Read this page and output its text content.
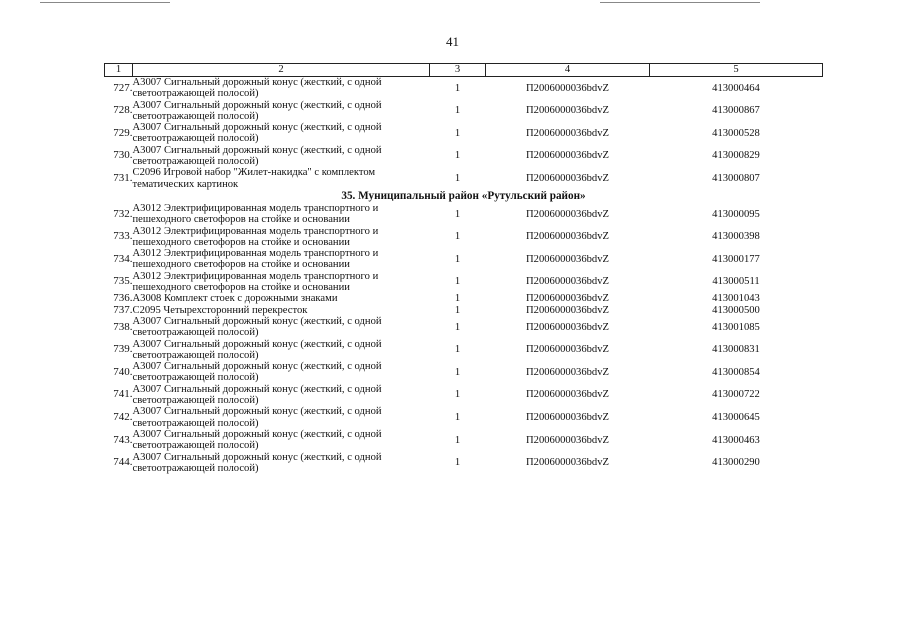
41
1	2	3	4	5
727.	А3007 Сигнальный дорожный конус (жесткий, с одной светоотражающей полосой)	1	П2006000036bdvZ	413000464
728.	А3007 Сигнальный дорожный конус (жесткий, с одной светоотражающей полосой)	1	П2006000036bdvZ	413000867
729.	А3007 Сигнальный дорожный конус (жесткий, с одной светоотражающей полосой)	1	П2006000036bdvZ	413000528
730.	А3007 Сигнальный дорожный конус (жесткий, с одной светоотражающей полосой)	1	П2006000036bdvZ	413000829
731.	С2096 Игровой набор "Жилет-накидка" с комплектом тематических картинок	1	П2006000036bdvZ	413000807
35. Муниципальный район «Рутульский район»				
732.	А3012 Электрифицированная модель транспортного и пешеходного светофоров на стойке и основании	1	П2006000036bdvZ	413000095
733.	А3012 Электрифицированная модель транспортного и пешеходного светофоров на стойке и основании	1	П2006000036bdvZ	413000398
734.	А3012 Электрифицированная модель транспортного и пешеходного светофоров на стойке и основании	1	П2006000036bdvZ	413000177
735.	А3012 Электрифицированная модель транспортного и пешеходного светофоров на стойке и основании	1	П2006000036bdvZ	413000511
736.	А3008 Комплект стоек с дорожными знаками	1	П2006000036bdvZ	413001043
737.	С2095 Четырехсторонний перекресток	1	П2006000036bdvZ	413000500
738.	А3007 Сигнальный дорожный конус (жесткий, с одной светоотражающей полосой)	1	П2006000036bdvZ	413001085
739.	А3007 Сигнальный дорожный конус (жесткий, с одной светоотражающей полосой)	1	П2006000036bdvZ	413000831
740.	А3007 Сигнальный дорожный конус (жесткий, с одной светоотражающей полосой)	1	П2006000036bdvZ	413000854
741.	А3007 Сигнальный дорожный конус (жесткий, с одной светоотражающей полосой)	1	П2006000036bdvZ	413000722
742.	А3007 Сигнальный дорожный конус (жесткий, с одной светоотражающей полосой)	1	П2006000036bdvZ	413000645
743.	А3007 Сигнальный дорожный конус (жесткий, с одной светоотражающей полосой)	1	П2006000036bdvZ	413000463
744.	А3007 Сигнальный дорожный конус (жесткий, с одной светоотражающей полосой)	1	П2006000036bdvZ	413000290
